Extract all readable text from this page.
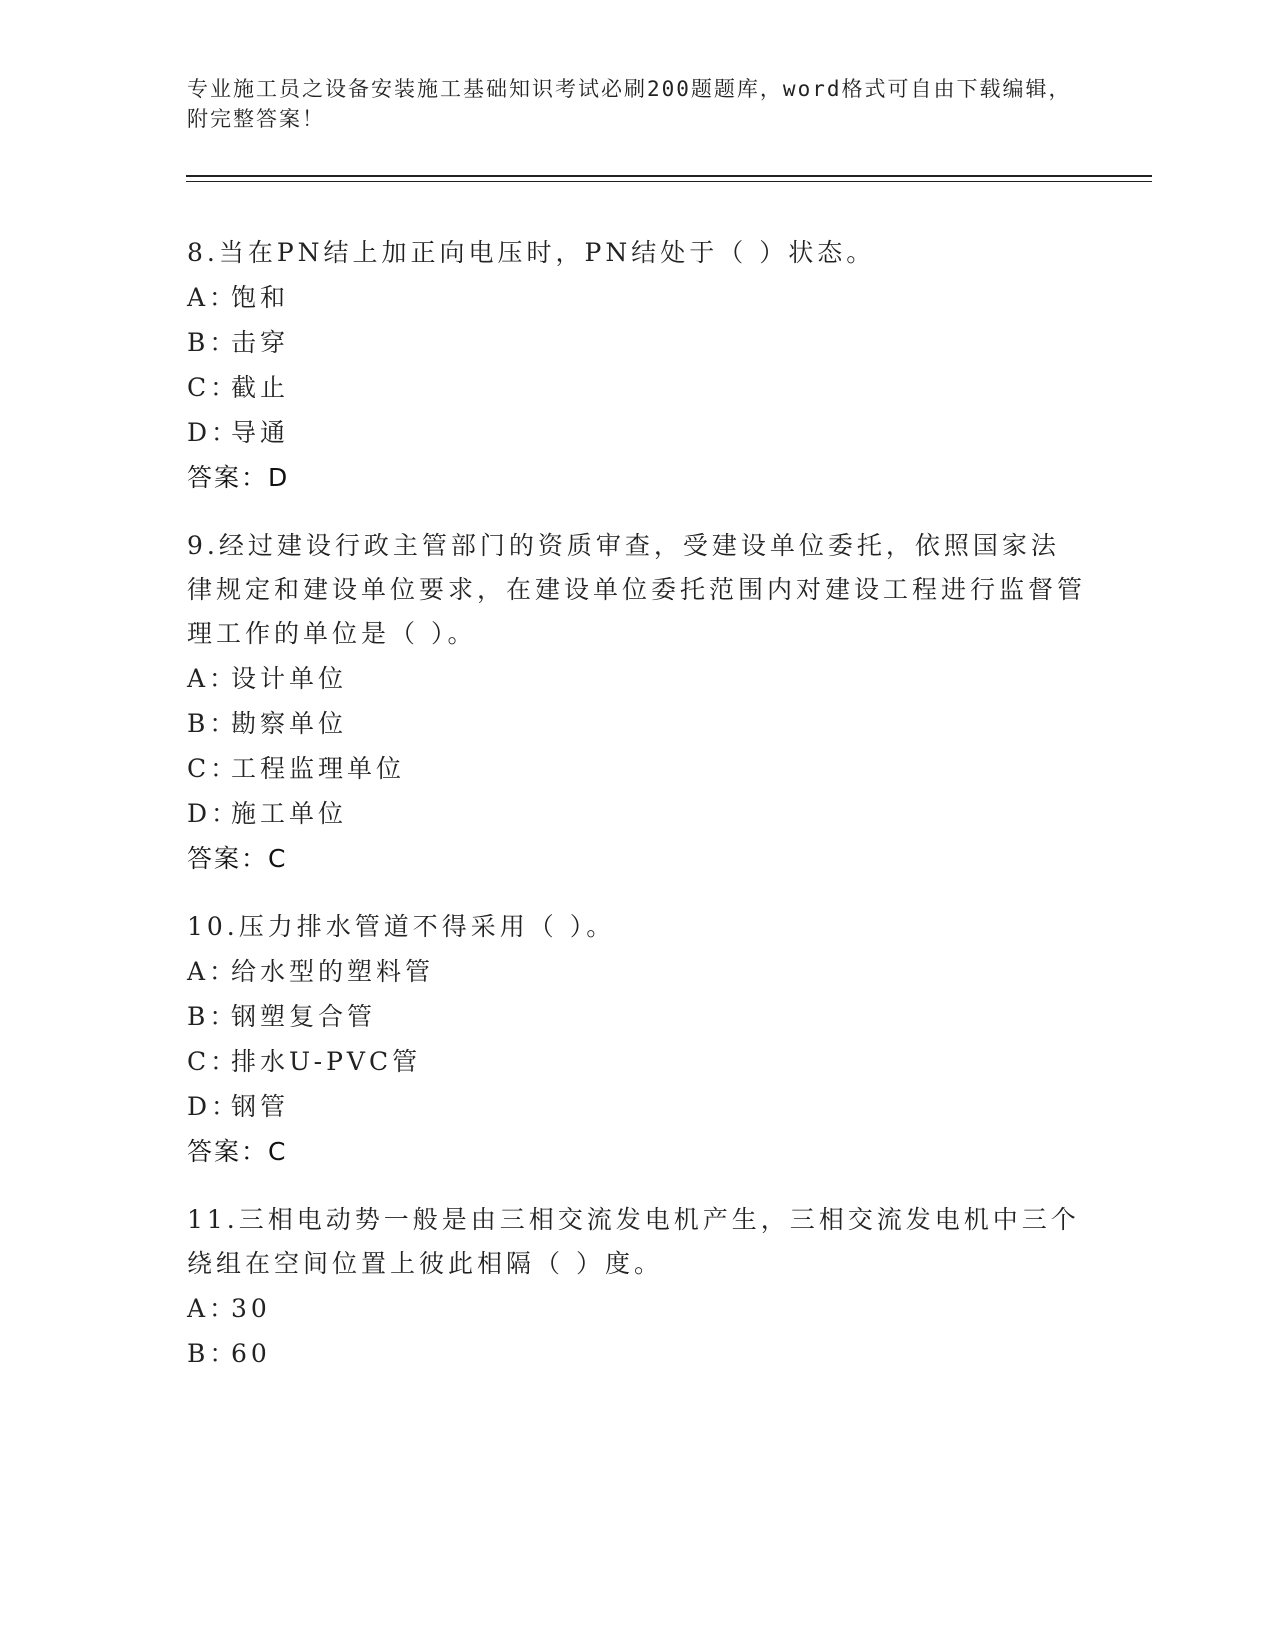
专业施工员之设备安装施工基础知识考试必刷200题题库，word格式可自由下载编辑，附完整答案！
8.当在PN结上加正向电压时，PN结处于（ ）状态。
A：饱和
B：击穿
C：截止
D：导通
答案：D
9.经过建设行政主管部门的资质审查，受建设单位委托，依照国家法律规定和建设单位要求，在建设单位委托范围内对建设工程进行监督管理工作的单位是（ ）。
A：设计单位
B：勘察单位
C：工程监理单位
D：施工单位
答案：C
10.压力排水管道不得采用（ ）。
A：给水型的塑料管
B：钢塑复合管
C：排水U-PVC管
D：钢管
答案：C
11.三相电动势一般是由三相交流发电机产生，三相交流发电机中三个绕组在空间位置上彼此相隔（ ）度。
A：30
B：60
